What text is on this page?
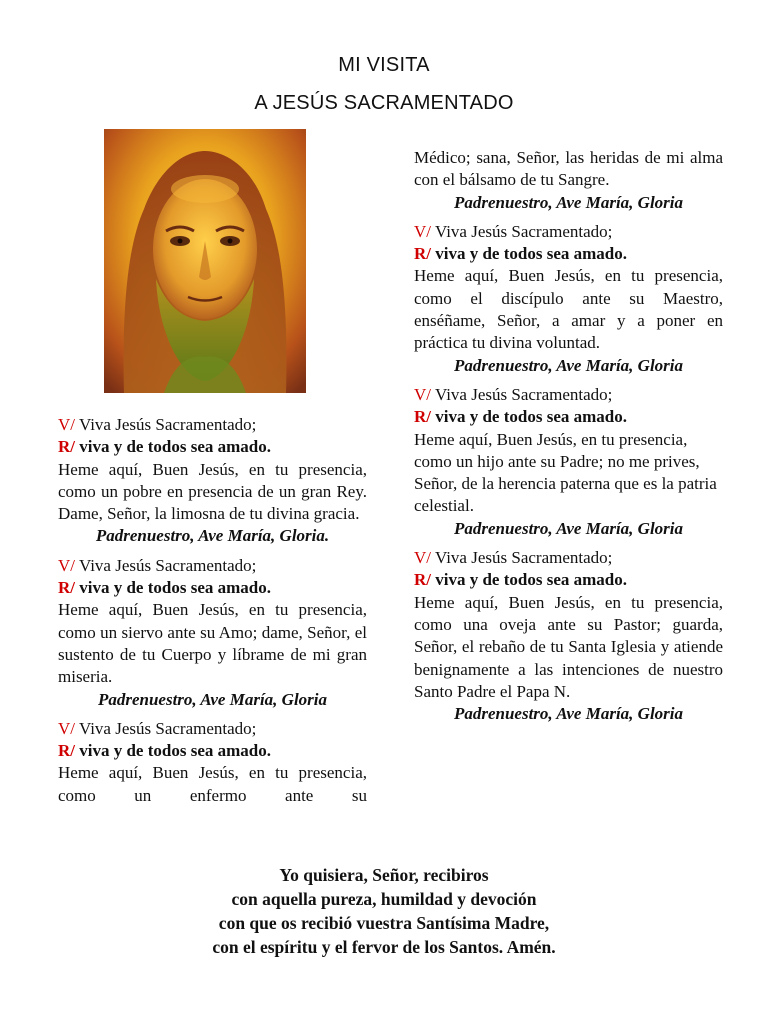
MI VISITA
A JESÚS SACRAMENTADO

V/ Viva Jesús Sacramentado;

R/ viva y de todos sea amado.

Heme aquí, Buen Jesús, en tu presencia, como un pobre en presencia de un gran Rey. Dame, Señor, la limosna de tu divina gracia.

Padrenuestro, Ave María, Gloria.

V/ Viva Jesús Sacramentado;

R/ viva y de todos sea amado.

Heme aquí, Buen Jesús, en tu presencia, como un siervo ante su Amo; dame, Señor, el sustento de tu Cuerpo y líbrame de mi gran miseria.

Padrenuestro, Ave María, Gloria

V/ Viva Jesús Sacramentado;

R/ viva y de todos sea amado.

Heme aquí, Buen Jesús, en tu presencia, como un enfermo ante su

Médico; sana, Señor, las heridas de mi alma con el bálsamo de tu Sangre.

Padrenuestro, Ave María, Gloria

V/ Viva Jesús Sacramentado;

R/ viva y de todos sea amado.

Heme aquí, Buen Jesús, en tu presencia, como el discípulo ante su Maestro, enséñame, Señor, a amar y a poner en práctica tu divina voluntad.

Padrenuestro, Ave María, Gloria

V/ Viva Jesús Sacramentado;

R/ viva y de todos sea amado.

Heme aquí, Buen Jesús, en tu presencia, como un hijo ante su Padre; no me prives, Señor, de la herencia paterna que es la patria celestial.

Padrenuestro, Ave María, Gloria

V/ Viva Jesús Sacramentado;

R/ viva y de todos sea amado.

Heme aquí, Buen Jesús, en tu presencia, como una oveja ante su Pastor; guarda, Señor, el rebaño de tu Santa Iglesia y atiende benignamente a las intenciones de nuestro Santo Padre el Papa N.

Padrenuestro, Ave María, Gloria

Yo quisiera, Señor, recibiros
con aquella pureza, humildad y devoción
con que os recibió vuestra Santísima Madre,
con el espíritu y el fervor de los Santos. Amén.
